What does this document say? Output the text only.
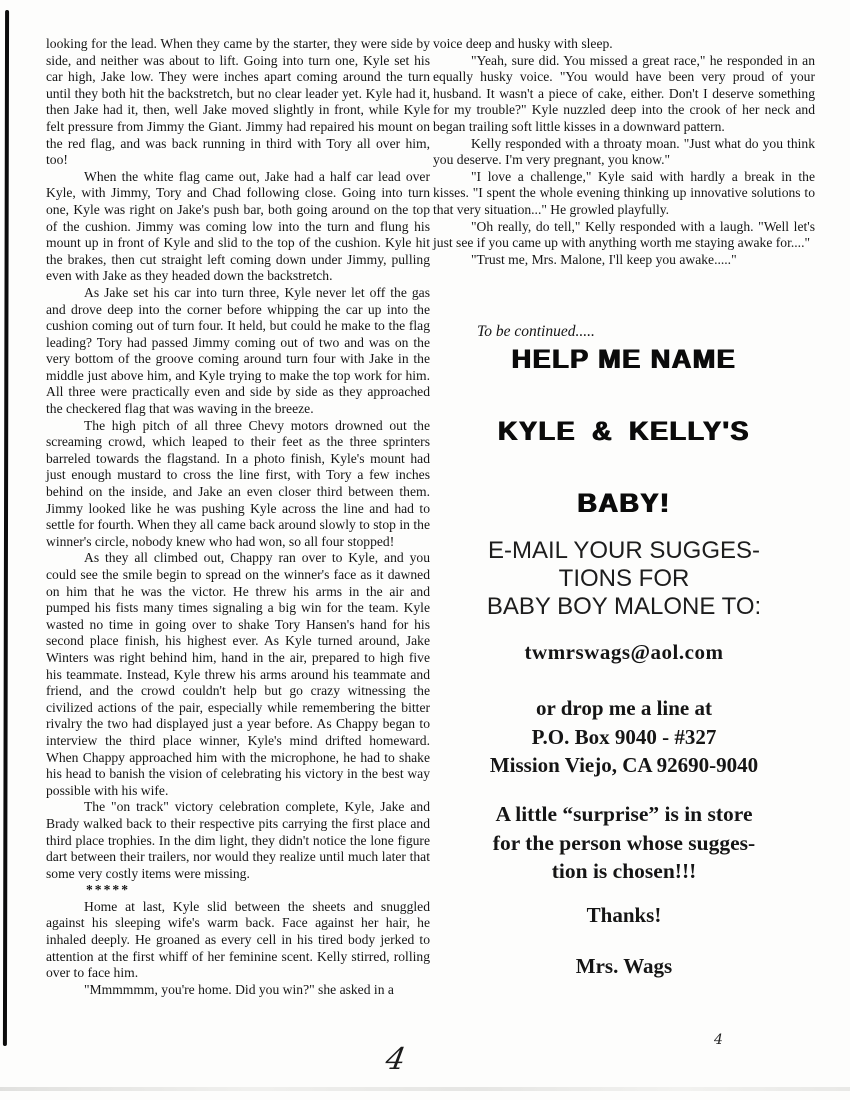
looking for the lead. When they came by the starter, they were side by side, and neither was about to lift. Going into turn one, Kyle set his car high, Jake low. They were inches apart coming around the turn until they both hit the backstretch, but no clear leader yet. Kyle had it, then Jake had it, then, well Jake moved slightly in front, while Kyle felt pressure from Jimmy the Giant. Jimmy had repaired his mount on the red flag, and was back running in third with Tory all over him, too!

When the white flag came out, Jake had a half car lead over Kyle, with Jimmy, Tory and Chad following close. Going into turn one, Kyle was right on Jake's push bar, both going around on the top of the cushion. Jimmy was coming low into the turn and flung his mount up in front of Kyle and slid to the top of the cushion. Kyle hit the brakes, then cut straight left coming down under Jimmy, pulling even with Jake as they headed down the backstretch.

As Jake set his car into turn three, Kyle never let off the gas and drove deep into the corner before whipping the car up into the cushion coming out of turn four. It held, but could he make to the flag leading? Tory had passed Jimmy coming out of two and was on the very bottom of the groove coming around turn four with Jake in the middle just above him, and Kyle trying to make the top work for him. All three were practically even and side by side as they approached the checkered flag that was waving in the breeze.

The high pitch of all three Chevy motors drowned out the screaming crowd, which leaped to their feet as the three sprinters barreled towards the flagstand. In a photo finish, Kyle's mount had just enough mustard to cross the line first, with Tory a few inches behind on the inside, and Jake an even closer third between them. Jimmy looked like he was pushing Kyle across the line and had to settle for fourth. When they all came back around slowly to stop in the winner's circle, nobody knew who had won, so all four stopped!

As they all climbed out, Chappy ran over to Kyle, and you could see the smile begin to spread on the winner's face as it dawned on him that he was the victor. He threw his arms in the air and pumped his fists many times signaling a big win for the team. Kyle wasted no time in going over to shake Tory Hansen's hand for his second place finish, his highest ever. As Kyle turned around, Jake Winters was right behind him, hand in the air, prepared to high five his teammate. Instead, Kyle threw his arms around his teammate and friend, and the crowd couldn't help but go crazy witnessing the civilized actions of the pair, especially while remembering the bitter rivalry the two had displayed just a year before. As Chappy began to interview the third place winner, Kyle's mind drifted homeward. When Chappy approached him with the microphone, he had to shake his head to banish the vision of celebrating his victory in the best way possible with his wife.

The "on track" victory celebration complete, Kyle, Jake and Brady walked back to their respective pits carrying the first place and third place trophies. In the dim light, they didn't notice the lone figure dart between their trailers, nor would they realize until much later that some very costly items were missing.

*****

Home at last, Kyle slid between the sheets and snuggled against his sleeping wife's warm back. Face against her hair, he inhaled deeply. He groaned as every cell in his tired body jerked to attention at the first whiff of her feminine scent. Kelly stirred, rolling over to face him.

"Mmmmmm, you're home. Did you win?" she asked in a

voice deep and husky with sleep.

"Yeah, sure did. You missed a great race," he responded in an equally husky voice. "You would have been very proud of your husband. It wasn't a piece of cake, either. Don't I deserve something for my trouble?" Kyle nuzzled deep into the crook of her neck and began trailing soft little kisses in a downward pattern.

Kelly responded with a throaty moan. "Just what do you think you deserve. I'm very pregnant, you know."

"I love a challenge," Kyle said with hardly a break in the kisses. "I spent the whole evening thinking up innovative solutions to that very situation..." He growled playfully.

"Oh really, do tell," Kelly responded with a laugh. "Well let's just see if you came up with anything worth me staying awake for...."

"Trust me, Mrs. Malone, I'll keep you awake....."

To be continued.....
HELP ME NAME
KYLE & KELLY'S
BABY!
E-MAIL YOUR SUGGES-
TIONS FOR
BABY BOY MALONE TO:
twmrswags@aol.com
or drop me a line at
P.O. Box 9040 - #327
Mission Viejo, CA 92690-9040
A little “surprise” is in store
for the person whose sugges-
tion is chosen!!!
Thanks!
Mrs. Wags
4
4
